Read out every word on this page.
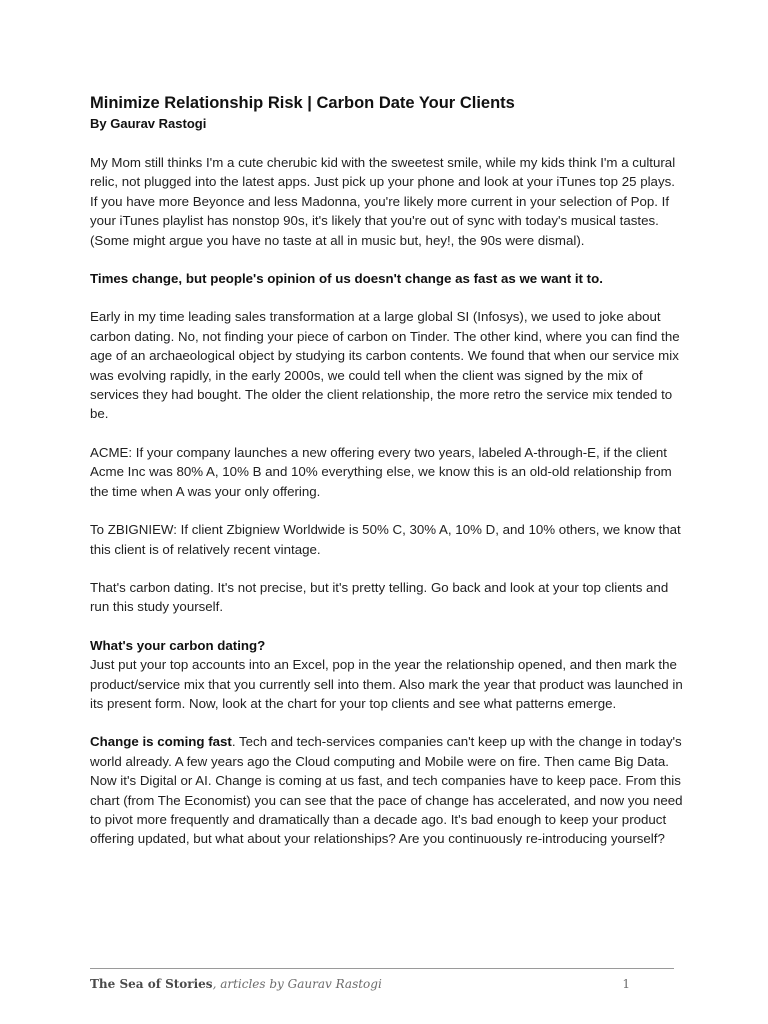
Minimize Relationship Risk | Carbon Date Your Clients

By Gaurav Rastogi

My Mom still thinks I'm a cute cherubic kid with the sweetest smile, while my kids think I'm a cultural relic, not plugged into the latest apps. Just pick up your phone and look at your iTunes top 25 plays. If you have more Beyonce and less Madonna, you're likely more current in your selection of Pop. If your iTunes playlist has nonstop 90s, it's likely that you're out of sync with today's musical tastes. (Some might argue you have no taste at all in music but, hey!, the 90s were dismal).

Times change, but people's opinion of us doesn't change as fast as we want it to.

Early in my time leading sales transformation at a large global SI (Infosys), we used to joke about carbon dating. No, not finding your piece of carbon on Tinder. The other kind, where you can find the age of an archaeological object by studying its carbon contents. We found that when our service mix was evolving rapidly, in the early 2000s, we could tell when the client was signed by the mix of services they had bought. The older the client relationship, the more retro the service mix tended to be.

ACME: If your company launches a new offering every two years, labeled A-through-E, if the client Acme Inc was 80% A, 10% B and 10% everything else, we know this is an old-old relationship from the time when A was your only offering.

To ZBIGNIEW: If client Zbigniew Worldwide is 50% C, 30% A, 10% D, and 10% others, we know that this client is of relatively recent vintage.

That's carbon dating. It's not precise, but it's pretty telling. Go back and look at your top clients and run this study yourself.

What's your carbon dating?

Just put your top accounts into an Excel, pop in the year the relationship opened, and then mark the product/service mix that you currently sell into them. Also mark the year that product was launched in its present form. Now, look at the chart for your top clients and see what patterns emerge.

Change is coming fast. Tech and tech-services companies can't keep up with the change in today's world already. A few years ago the Cloud computing and Mobile were on fire. Then came Big Data. Now it's Digital or AI. Change is coming at us fast, and tech companies have to keep pace. From this chart (from The Economist) you can see that the pace of change has accelerated, and now you need to pivot more frequently and dramatically than a decade ago. It's bad enough to keep your product offering updated, but what about your relationships? Are you continuously re-introducing yourself?

The Sea of Stories, articles by Gaurav Rastogi	1
